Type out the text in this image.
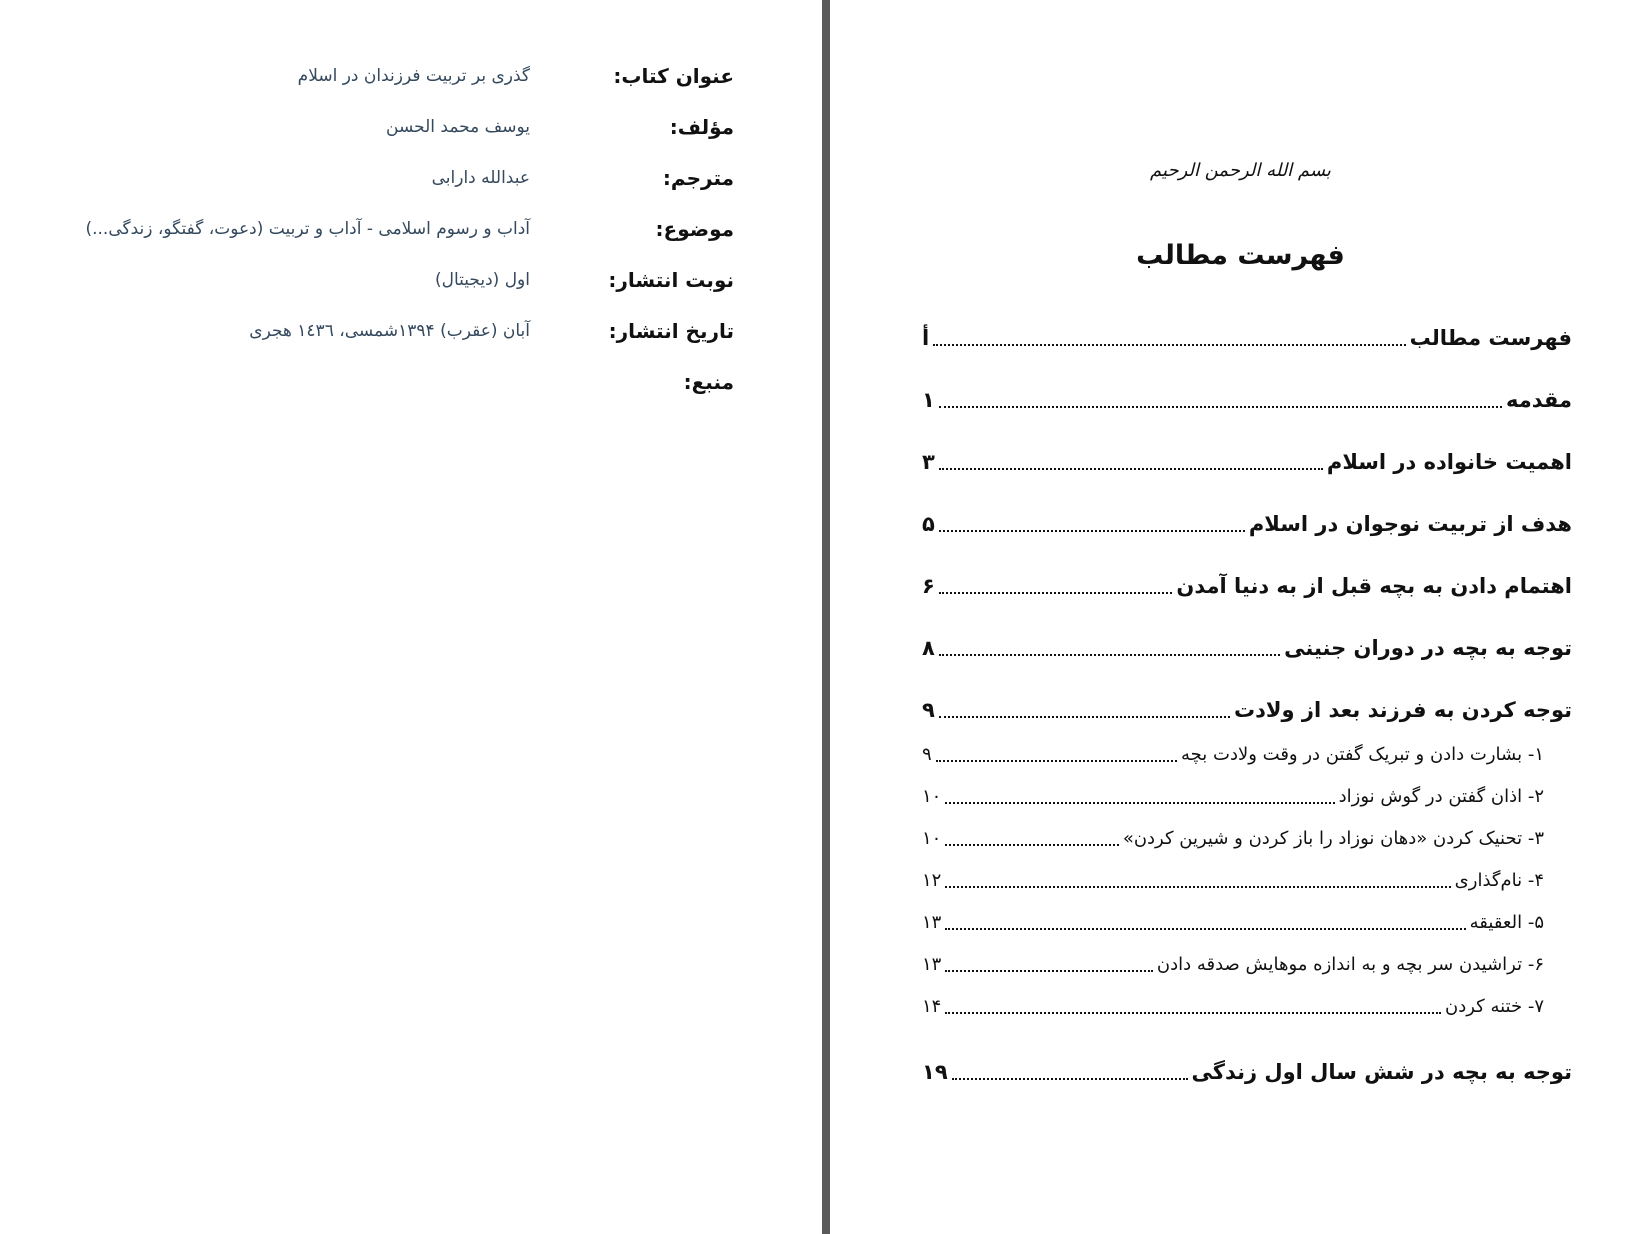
عنوان کتاب:
گذری بر تربیت فرزندان در اسلام
مؤلف:
یوسف محمد الحسن
مترجم:
عبدالله دارابی
موضوع:
آداب و رسوم اسلامی - آداب و تربیت (دعوت، گفتگو، زندگی...)
نوبت انتشار:
اول (دیجیتال)
تاریخ انتشار:
آبان (عقرب) ۱۳۹۴شمسی، ١٤٣٦ هجری
منبع:
بسم الله الرحمن الرحیم
فهرست مطالب
فهرست مطالب
أ
مقدمه
۱
اهمیت خانواده در اسلام
۳
هدف از تربیت نوجوان در اسلام
۵
اهتمام دادن به بچه قبل از به دنیا آمدن
۶
توجه به بچه در دوران جنینی
۸
توجه کردن به فرزند بعد از ولادت
۹
۱- بشارت دادن و تبریک گفتن در وقت ولادت بچه
۹
۲- اذان گفتن در گوش نوزاد
۱۰
۳- تحنیک کردن «دهان نوزاد را باز کردن و شیرین کردن»
۱۰
۴- نام‌گذاری
۱۲
۵- العقیقه
۱۳
۶- تراشیدن سر بچه و به اندازه موهایش صدقه دادن
۱۳
۷- ختنه کردن
۱۴
توجه به بچه در شش سال اول زندگی
۱۹
